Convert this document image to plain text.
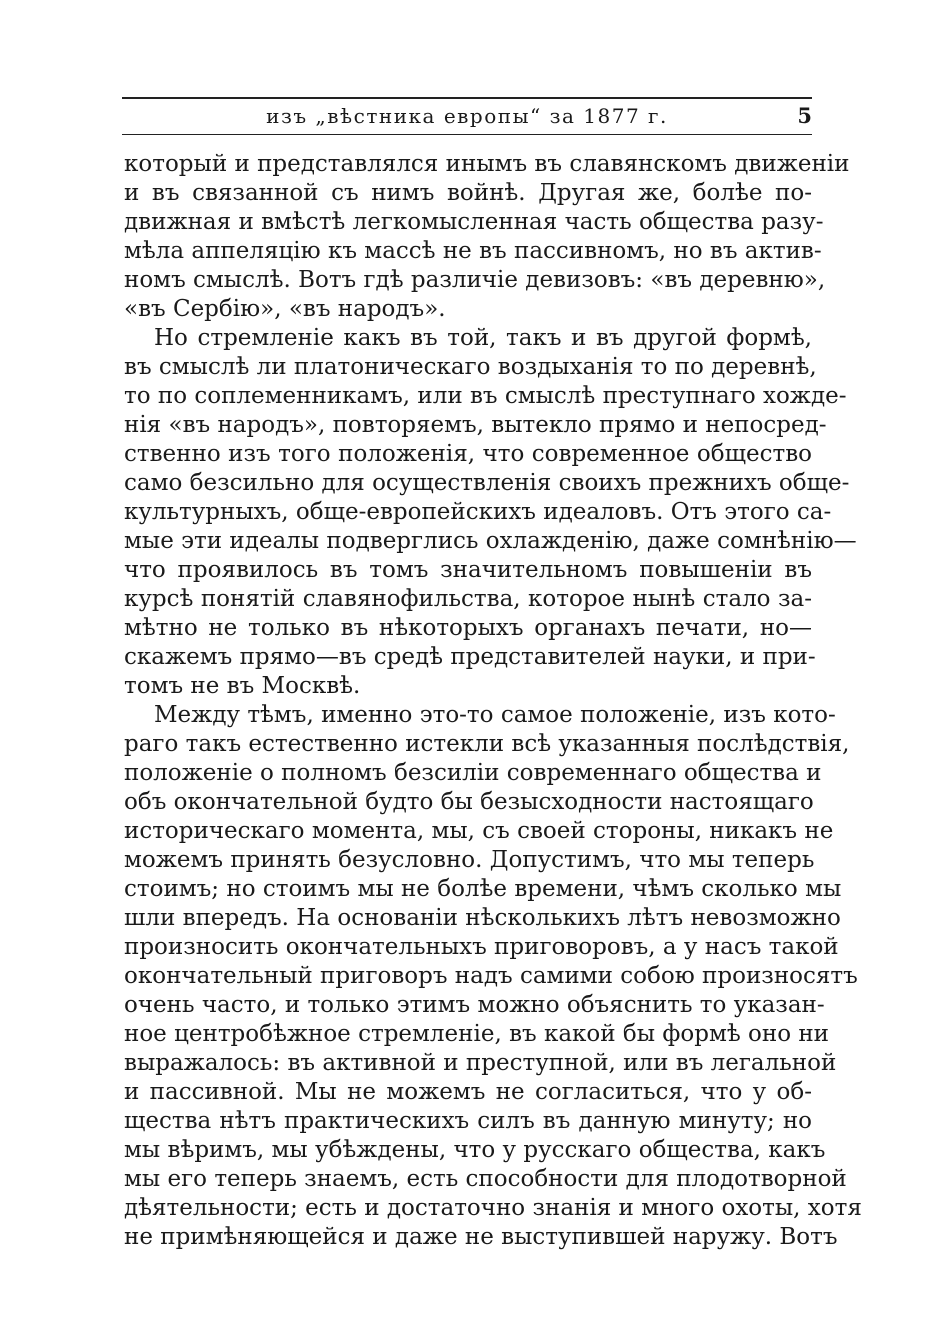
изъ „вѣстника европы“ за 1877 г.	5
который и представлялся инымъ въ славянскомъ движеніи
и въ связанной съ нимъ войнѣ. Другая же, болѣе по-
движная и вмѣстѣ легкомысленная часть общества разу-
мѣла аппеляцію къ массѣ не въ пассивномъ, но въ актив-
номъ смыслѣ. Вотъ гдѣ различіе девизовъ: «въ деревню»,
«въ Сербію», «въ народъ».
Но стремленіе какъ въ той, такъ и въ другой формѣ,
въ смыслѣ ли платоническаго воздыханія то по деревнѣ,
то по соплеменникамъ, или въ смыслѣ преступнаго хожде-
нія «въ народъ», повторяемъ, вытекло прямо и непосред-
ственно изъ того положенія, что современное общество
само безсильно для осуществленія своихъ прежнихъ обще-
культурныхъ, обще-европейскихъ идеаловъ. Отъ этого са-
мые эти идеалы подверглись охлажденію, даже сомнѣнію—
что проявилось въ томъ значительномъ повышеніи въ
курсѣ понятій славянофильства, которое нынѣ стало за-
мѣтно не только въ нѣкоторыхъ органахъ печати, но—
скажемъ прямо—въ средѣ представителей науки, и при-
томъ не въ Москвѣ.
Между тѣмъ, именно это-то самое положеніе, изъ кото-
раго такъ естественно истекли всѣ указанныя послѣдствія,
положеніе о полномъ безсиліи современнаго общества и
объ окончательной будто бы безысходности настоящаго
историческаго момента, мы, съ своей стороны, никакъ не
можемъ принять безусловно. Допустимъ, что мы теперь
стоимъ; но стоимъ мы не болѣе времени, чѣмъ сколько мы
шли впередъ. На основаніи нѣсколькихъ лѣтъ невозможно
произносить окончательныхъ приговоровъ, а у насъ такой
окончательный приговоръ надъ самими собою произносятъ
очень часто, и только этимъ можно объяснить то указан-
ное центробѣжное стремленіе, въ какой бы формѣ оно ни
выражалось: въ активной и преступной, или въ легальной
и пассивной. Мы не можемъ не согласиться, что у об-
щества нѣтъ практическихъ силъ въ данную минуту; но
мы вѣримъ, мы убѣждены, что у русскаго общества, какъ
мы его теперь знаемъ, есть способности для плодотворной
дѣятельности; есть и достаточно знанія и много охоты, хотя
не примѣняющейся и даже не выступившей наружу. Вотъ
